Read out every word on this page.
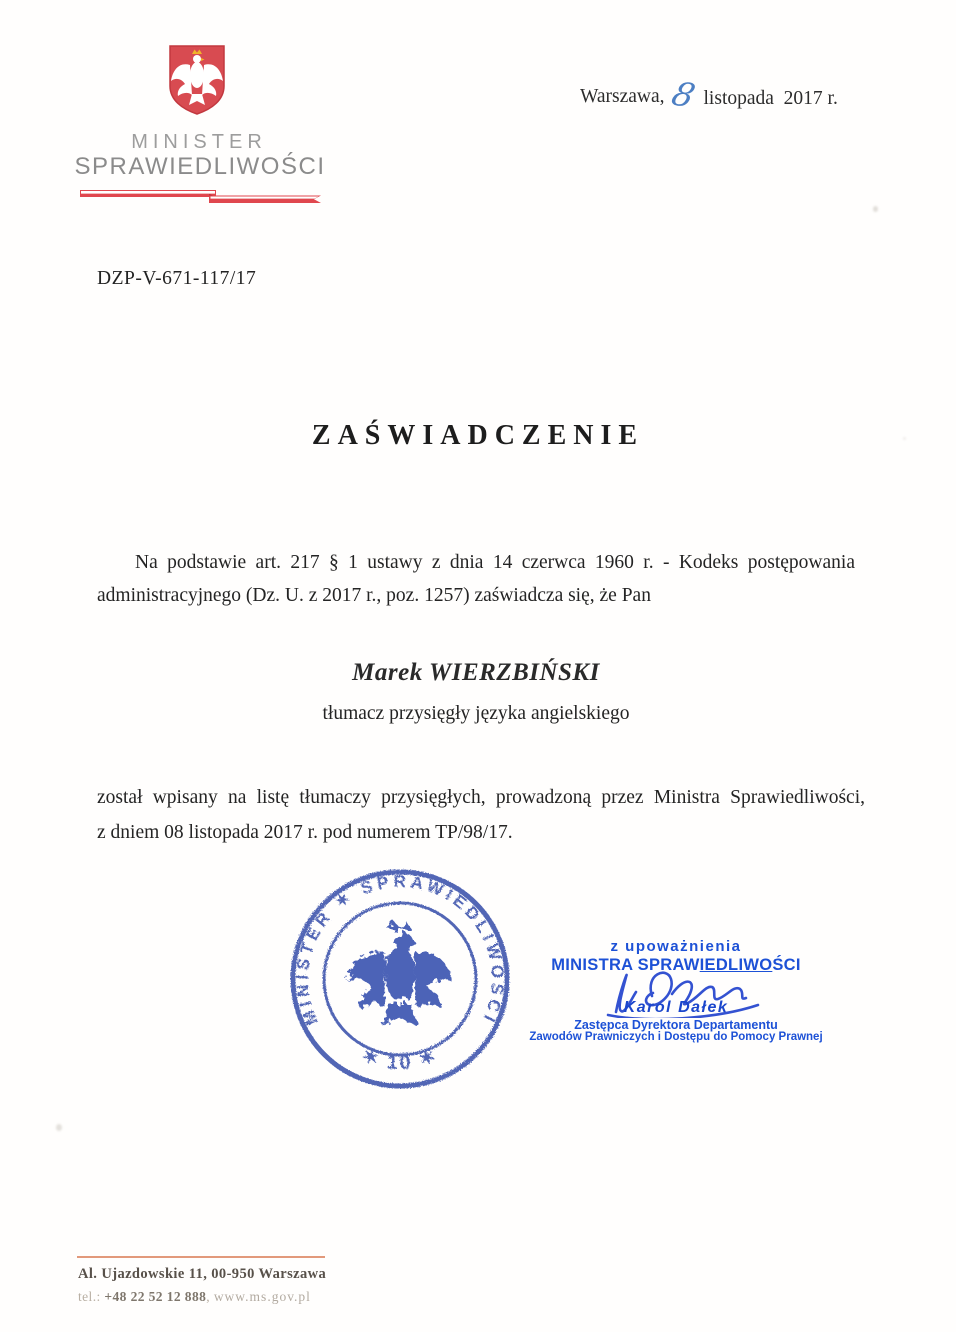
MINISTER
SPRAWIEDLIWOŚCI
Warszawa, 8 listopada  2017 r.
DZP-V-671-117/17
ZAŚWIADCZENIE
Na podstawie art. 217 § 1 ustawy z dnia 14 czerwca 1960 r. - Kodeks postępowania
administracyjnego (Dz. U. z 2017 r., poz. 1257) zaświadcza się, że Pan
Marek WIERZBIŃSKI
tłumacz przysięgły języka angielskiego
został wpisany na listę tłumaczy przysięgłych, prowadzoną przez Ministra Sprawiedliwości,
z dniem 08 listopada 2017 r. pod numerem TP/98/17.
MINISTER ✶ SPRAWIEDLIWOŚCI
✶ 10 ✶
z upoważnienia
MINISTRA SPRAWIEDLIWOŚCI
Karol Dałek
Zastępca Dyrektora Departamentu
Zawodów Prawniczych i Dostępu do Pomocy Prawnej
Al. Ujazdowskie 11, 00-950 Warszawa
tel.: +48 22 52 12 888, www.ms.gov.pl
